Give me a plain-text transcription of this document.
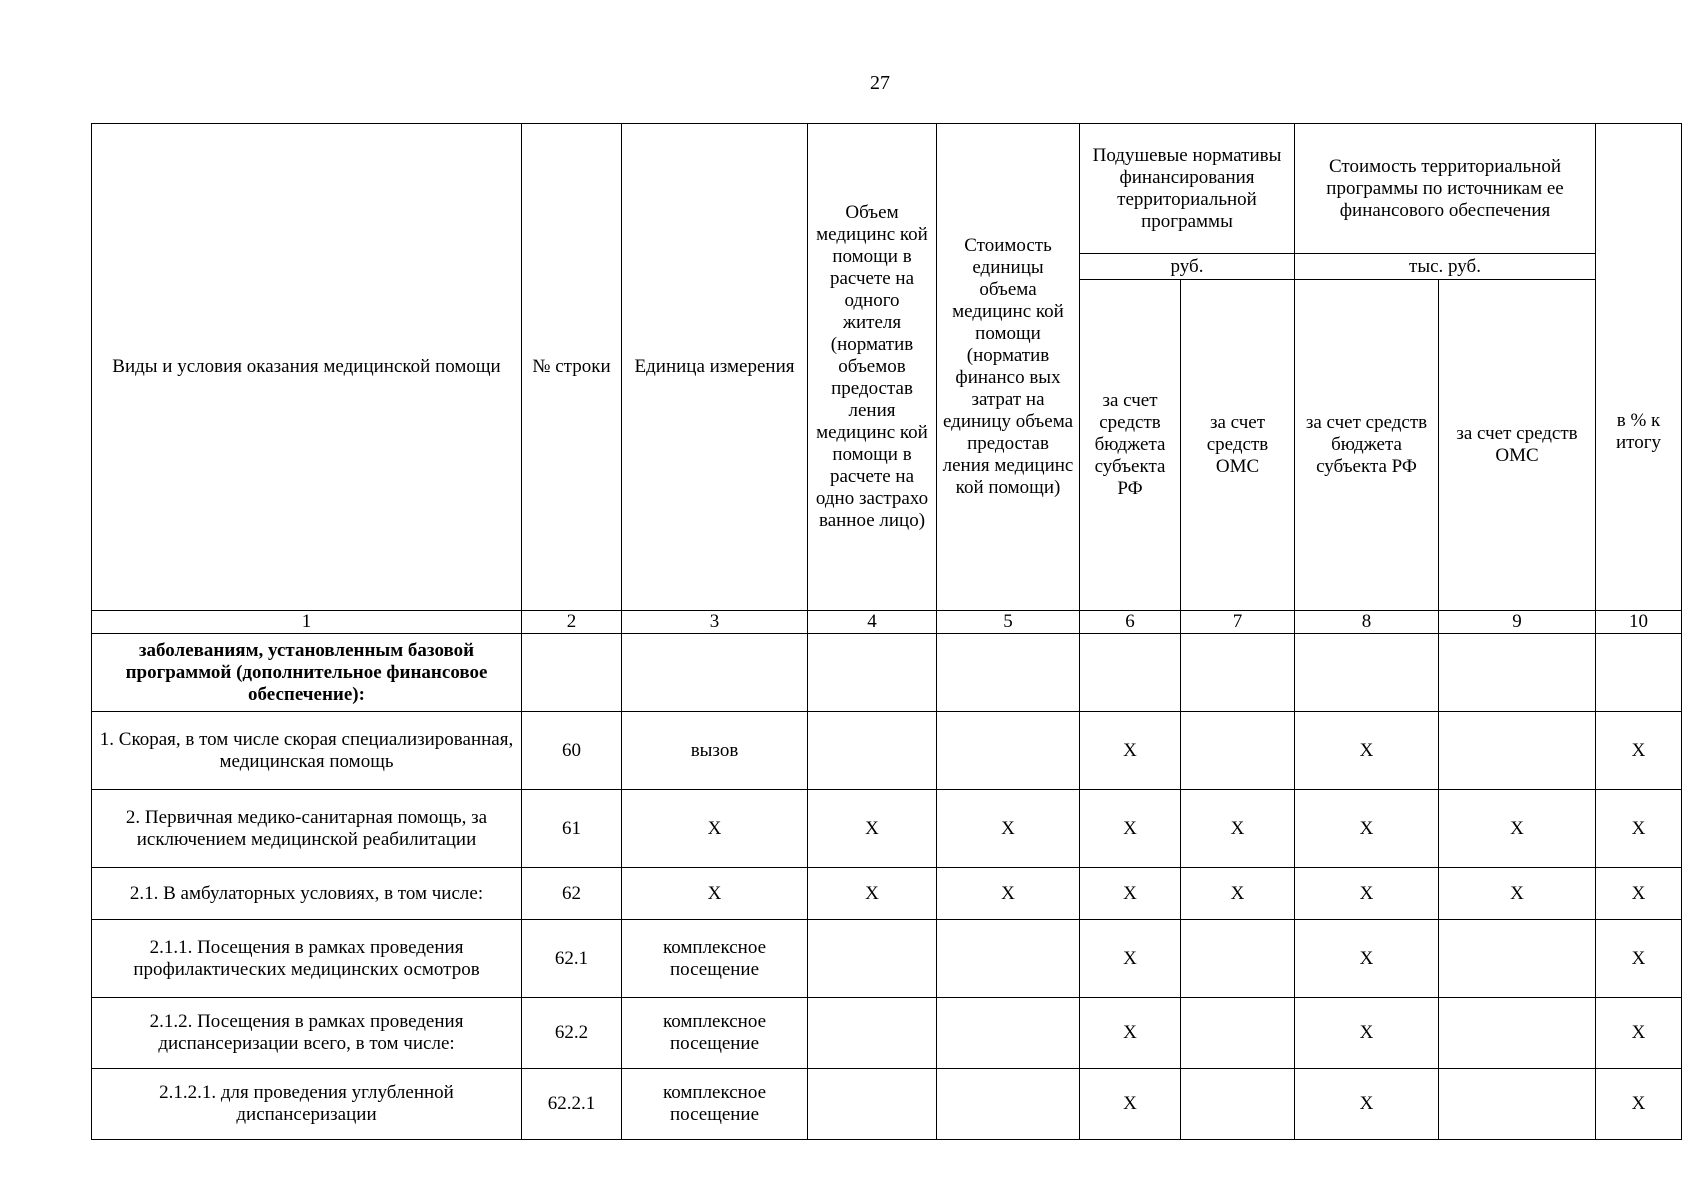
27
Виды и условия оказания медицинской помощи	№ строки	Единица измерения	Объем медицинс кой помощи в расчете на одного жителя (норматив объемов предостав ления медицинс кой помощи в расчете на одно застрахо ванное лицо)	Стоимость единицы объема медицинс кой помощи (норматив финансо вых затрат на единицу объема предостав ления медицинс кой помощи)	Подушевые нормативы финансирования территориальной программы		Стоимость территориальной программы по источникам ее финансового обеспечения		
					руб.		тыс. руб.		в % к итогу
					за счет средств бюджета субъекта РФ	за счет средств ОМС	за счет средств бюджета субъекта РФ	за счет средств ОМС	
1	2	3	4	5	6	7	8	9	10
заболеваниям, установленным базовой программой (дополнительное финансовое обеспечение):									
1. Скорая, в том числе скорая специализированная, медицинская помощь	60	вызов			X		X		X
2. Первичная медико-санитарная помощь, за исключением медицинской реабилитации	61	X	X	X	X	X	X	X	X
2.1. В амбулаторных условиях, в том числе:	62	X	X	X	X	X	X	X	X
2.1.1. Посещения в рамках проведения профилактических медицинских осмотров	62.1	комплексное посещение			X		X		X
2.1.2. Посещения в рамках проведения диспансеризации всего, в том числе:	62.2	комплексное посещение			X		X		X
2.1.2.1. для проведения углубленной диспансеризации	62.2.1	комплексное посещение			X		X		X
